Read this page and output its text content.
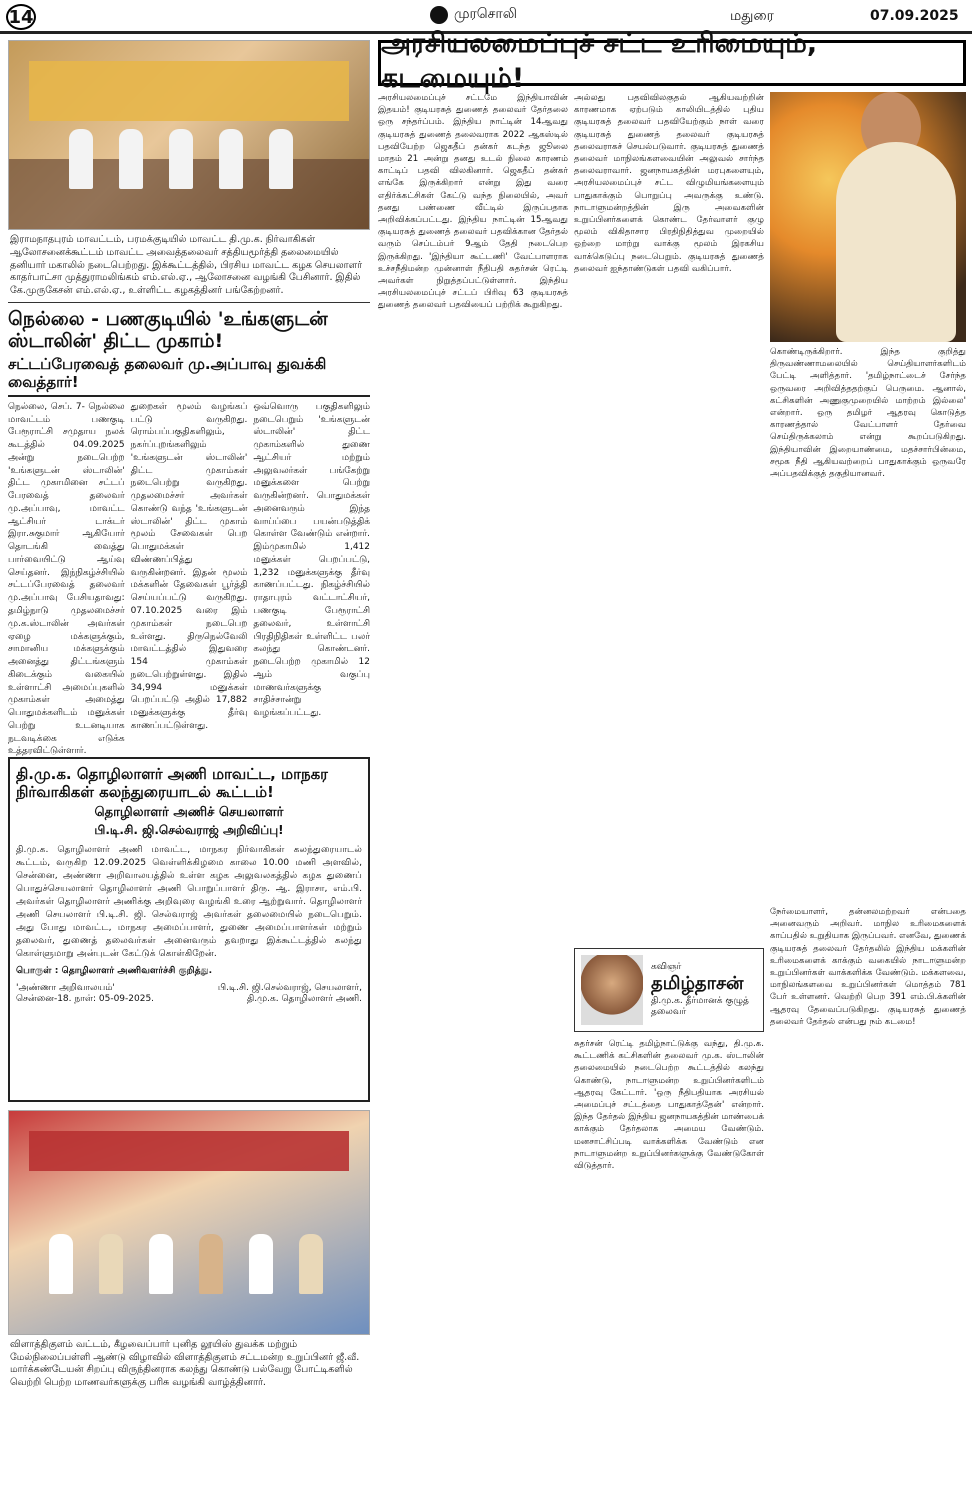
14	முரசொலி	மதுரை	07.09.2025
இராமநாதபுரம் மாவட்டம், பரமக்குடியில் மாவட்ட தி.மு.க. நிர்வாகிகள் ஆலோசனைக்கூட்டம் மாவட்ட அவைத்தலைவர் சத்தியமூர்த்தி தலைமையில் தனியார் மகாலில் நடைபெற்றது. இக்கூட்டத்தில், பிரசிய மாவட்ட கழக செயலாளர் காதர்பாட்சா முத்துராமலிங்கம் எம்.எல்.ஏ., ஆலோசனை வழங்கி பேசினார். இதில் கே.முருகேசன் எம்.எல்.ஏ., உள்ளிட்ட கழகத்தினர் பங்கேற்றனர்.
நெல்லை - பணகுடியில் 'உங்களுடன் ஸ்டாலின்' திட்ட முகாம்!
சட்டப்பேரவைத் தலைவர் மு.அப்பாவு துவக்கி வைத்தார்!
நெல்லை, செப். 7- நெல்லை மாவட்டம் பணகுடி பேரூராட்சி சமுதாய நலக் கூடத்தில் 04.09.2025 அன்று நடைபெற்ற 'உங்களுடன் ஸ்டாலின்' திட்ட முகாமினை சட்டப் பேரவைத் தலைவர் மு.அப்பாவு, மாவட்ட ஆட்சியர் டாக்டர் இரா.சுகுமார் ஆகியோர் தொடங்கி வைத்து பார்வையிட்டு ஆய்வு செய்தனர். இந்நிகழ்ச்சியில் சட்டப்பேரவைத் தலைவர் மு.அப்பாவு பேசியதாவது: தமிழ்நாடு முதலமைச்சர் மு.க.ஸ்டாலின் அவர்கள் ஏழை மக்களுக்கும், சாமானிய மக்களுக்கும் அனைத்து திட்டங்களும் கிடைக்கும் வகையில் உள்ளாட்சி அமைப்புகளில் முகாம்கள் அமைத்து பொதுமக்களிடம் மனுக்கள் பெற்று உடனடியாக நடவடிக்கை எடுக்க உத்தரவிட்டுள்ளார்.
துறைகள் மூலம் வழங்கப் பட்டு வருகிறது. ரொம்பப்பகுதிகளிலும், நகர்ப்புறங்களிலும் 'உங்களுடன் ஸ்டாலின்' திட்ட முகாம்கள் நடைபெற்று வருகிறது. முதலமைச்சர் அவர்கள் கொண்டு வந்த 'உங்களுடன் ஸ்டாலின்' திட்ட முகாம் மூலம் சேவைகள் பெற பொதுமக்கள் விண்ணப்பித்து வருகின்றனர். இதன் மூலம் மக்களின் தேவைகள் பூர்த்தி செய்யப்பட்டு வருகிறது. 07.10.2025 வரை இம் முகாம்கள் நடைபெற உள்ளது. திருநெல்வேலி மாவட்டத்தில் இதுவரை 154 முகாம்கள் நடைபெற்றுள்ளது. இதில் 34,994 மனுக்கள் பெறப்பட்டு அதில் 17,882 மனுக்களுக்கு தீர்வு காணப்பட்டுள்ளது.
ஒவ்வொரு பகுதிகளிலும் நடைபெறும் 'உங்களுடன் ஸ்டாலின்' திட்ட முகாம்களில் துணை ஆட்சியர் மற்றும் அலுவலர்கள் பங்கேற்று மனுக்களை பெற்று வருகின்றனர். பொதுமக்கள் அனைவரும் இந்த வாய்ப்பை பயன்படுத்திக் கொள்ள வேண்டும் என்றார். இம்முகாமில் 1,412 மனுக்கள் பெறப்பட்டு, 1,232 மனுக்களுக்கு தீர்வு காணப்பட்டது. நிகழ்ச்சியில் ராதாபுரம் வட்டாட்சியர், பணகுடி பேரூராட்சி தலைவர், உள்ளாட்சி பிரதிநிதிகள் உள்ளிட்ட பலர் கலந்து கொண்டனர். நடைபெற்ற முகாமில் 12 ஆம் வகுப்பு மாணவர்களுக்கு சாதிச்சான்று வழங்கப்பட்டது.
தி.மு.க. தொழிலாளர் அணி மாவட்ட, மாநகர நிர்வாகிகள் கலந்துரையாடல் கூட்டம்!
தொழிலாளர் அணிச் செயலாளர்
பி.டி.சி. ஜி.செல்வராஜ் அறிவிப்பு!

தி.மு.க. தொழிலாளர் அணி மாவட்ட, மாநகர நிர்வாகிகள் கலந்துரையாடல் கூட்டம், வருகிற 12.09.2025 வெள்ளிக்கிழமை காலை 10.00 மணி அளவில், சென்னை, அண்ணா அறிவாலயத்தில் உள்ள கழக அலுவலகத்தில் கழக துணைப் பொதுச்செயலாளர் தொழிலாளர் அணி பொறுப்பாளர் திரு. ஆ. இராசா, எம்.பி. அவர்கள் தொழிலாளர் அணிக்கு அறிவுரை வழங்கி உரை ஆற்றுவார். தொழிலாளர் அணி செயலாளர் பி.டி.சி. ஜி. செல்வராஜ் அவர்கள் தலைமையில் நடைபெறும். அது போது மாவட்ட, மாநகர அமைப்பாளர், துணை அமைப்பாளர்கள் மற்றும் தலைவர், துணைத் தலைவர்கள் அனைவரும் தவறாது இக்கூட்டத்தில் கலந்து கொள்ளுமாறு அன்புடன் கேட்டுக் கொள்கிறேன்.

பொருள் : தொழிலாளர் அணிவளர்ச்சி குறித்து.

'அண்ணா அறிவாலயம்' சென்னை-18. நாள்: 05-09-2025.
பி.டி.சி. ஜி.செல்வராஜ், செயலாளர், தி.மு.க. தொழிலாளர் அணி.
விளாத்திகுளம் வட்டம், கீழவைப்பார் புனித லூயிஸ் துவக்க மற்றும் மேல்நிலைப்பள்ளி ஆண்டு விழாவில் விளாத்திகுளம் சட்டமன்ற உறுப்பினர் ஜீ.வீ. மார்க்கண்டேயன் சிறப்பு விருந்தினராக கலந்து கொண்டு பல்வேறு போட்டிகளில் வெற்றி பெற்ற மாணவர்களுக்கு பரிசு வழங்கி வாழ்த்தினார்.
அரசியலமைப்புச் சட்ட உரிமையும், கடமையும்!
அரசியலமைப்புச் சட்டமே இந்தியாவின் இதயம்! குடியரசுத் துணைத் தலைவர் தேர்தலை ஒரு சந்தர்ப்பம். இந்திய நாட்டின் 14ஆவது குடியரசுத் துணைத் தலைவராக 2022 ஆகஸ்டில் பதவியேற்ற ஜெகதீப் தன்கர் கடந்த ஜூலை மாதம் 21 அன்று தனது உடல் நிலை காரணம் காட்டிப் பதவி விலகினார். ஜெகதீப் தன்கர் எங்கே இருக்கிறார் என்று இது வரை எதிர்க்கட்சிகள் கேட்டு வந்த நிலையில், அவர் தனது பண்ணை வீட்டில் இருப்பதாக அறிவிக்கப்பட்டது. இந்திய நாட்டின் 15ஆவது குடியரசுத் துணைத் தலைவர் பதவிக்கான தேர்தல் வரும் செப்டம்பர் 9ஆம் தேதி நடைபெற இருக்கிறது. 'இந்தியா கூட்டணி' வேட்பாளராக உச்சநீதிமன்ற முன்னாள் நீதிபதி சுதர்சன் ரெட்டி அவர்கள் நிறுத்தப்பட்டுள்ளார். இந்திய அரசியலமைப்புச் சட்டப் பிரிவு 63 குடியரசுத் துணைத் தலைவர் பதவியைப் பற்றிக் கூறுகிறது.
அல்லது பதவிவிலகுதல் ஆகியவற்றின் காரணமாக ஏற்படும் காலியிடத்தில் புதிய குடியரசுத் தலைவர் பதவியேற்கும் நாள் வரை குடியரசுத் துணைத் தலைவர் குடியரசுத் தலைவராகச் செயல்படுவார். குடியரசுத் துணைத் தலைவர் மாநிலங்களவையின் அலுவல் சார்ந்த தலைவராவார். ஜனநாயகத்தின் மரபுகளையும், அரசியலமைப்புச் சட்ட விழுமியங்களையும் பாதுகாக்கும் பொறுப்பு அவருக்கு உண்டு. நாடாளுமன்றத்தின் இரு அவைகளின் உறுப்பினர்களைக் கொண்ட தேர்வாளர் குழு மூலம் விகிதாசார பிரதிநிதித்துவ முறையில் ஒற்றை மாற்று வாக்கு மூலம் இரகசிய வாக்கெடுப்பு நடைபெறும். குடியரசுத் துணைத் தலைவர் ஐந்தாண்டுகள் பதவி வகிப்பார்.
கவிஞர்
தமிழ்தாசன்
தி.மு.க. தீர்மானக் குழுத் தலைவர்
சுதர்சன் ரெட்டி தமிழ்நாட்டுக்கு வந்து, தி.மு.க. கூட்டணிக் கட்சிகளின் தலைவர் மு.க. ஸ்டாலின் தலைமையில் நடைபெற்ற கூட்டத்தில் கலந்து கொண்டு, நாடாளுமன்ற உறுப்பினர்களிடம் ஆதரவு கேட்டார். 'ஒரு நீதிபதியாக அரசியல் அமைப்புச் சட்டத்தை பாதுகாத்தேன்' என்றார். இந்த தேர்தல் இந்திய ஜனநாயகத்தின் மாண்பைக் காக்கும் தேர்தலாக அமைய வேண்டும். மனசாட்சிப்படி வாக்களிக்க வேண்டும் என நாடாளுமன்ற உறுப்பினர்களுக்கு வேண்டுகோள் விடுத்தார்.
கொண்டிருக்கிறார். இந்த குறித்து திருவண்ணாமலையில் செய்தியாளர்களிடம் பேட்டி அளித்தார். 'தமிழ்நாட்டைச் சேர்ந்த ஒருவரை அறிவித்ததற்குப் பெருமை. ஆனால், கட்சிகளின் அணுகுமுறையில் மாற்றம் இல்லை' என்றார். ஒரு தமிழர் ஆதரவு கொடுத்த காரணத்தால் வேட்பாளர் தேர்வை செய்திருக்கலாம் என்று கூறப்படுகிறது. இந்தியாவின் இறையாண்மை, மதச்சார்பின்மை, சமூக நீதி ஆகியவற்றைப் பாதுகாக்கும் ஒருவரே அப்பதவிக்குத் தகுதியானவர்.
நேர்மையாளர், தன்னலமற்றவர் என்பதை அனைவரும் அறிவர். மாநில உரிமைகளைக் காப்பதில் உறுதியாக இருப்பவர். எனவே, துணைக் குடியரசுத் தலைவர் தேர்தலில் இந்திய மக்களின் உரிமைகளைக் காக்கும் வகையில் நாடாளுமன்ற உறுப்பினர்கள் வாக்களிக்க வேண்டும். மக்களவை, மாநிலங்களவை உறுப்பினர்கள் மொத்தம் 781 பேர் உள்ளனர். வெற்றி பெற 391 எம்.பி.க்களின் ஆதரவு தேவைப்படுகிறது. குடியரசுத் துணைத் தலைவர் தேர்தல் என்பது நம் கடமை!
